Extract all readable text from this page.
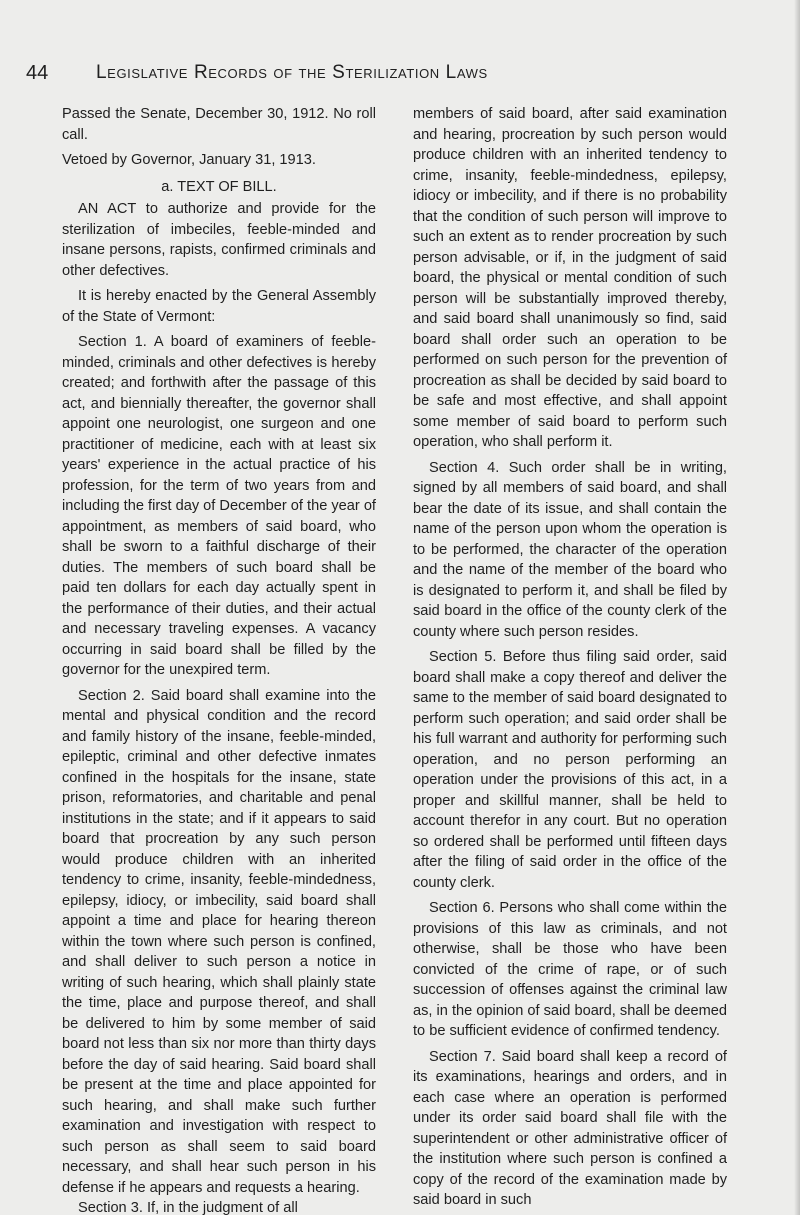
44	Legislative Records of the Sterilization Laws

Passed the Senate, December 30, 1912. No roll call.

Vetoed by Governor, January 31, 1913.

a. TEXT OF BILL.

AN ACT to authorize and provide for the sterilization of imbeciles, feeble-minded and insane persons, rapists, confirmed criminals and other defectives.

It is hereby enacted by the General Assembly of the State of Vermont:

Section 1. A board of examiners of feeble-minded, criminals and other defectives is hereby created; and forthwith after the passage of this act, and biennially thereafter, the governor shall appoint one neurologist, one surgeon and one practitioner of medicine, each with at least six years' experience in the actual practice of his profession, for the term of two years from and including the first day of December of the year of appointment, as members of said board, who shall be sworn to a faithful discharge of their duties. The members of such board shall be paid ten dollars for each day actually spent in the performance of their duties, and their actual and necessary traveling expenses. A vacancy occurring in said board shall be filled by the governor for the unexpired term.

Section 2. Said board shall examine into the mental and physical condition and the record and family history of the insane, feeble-minded, epileptic, criminal and other defective inmates confined in the hospitals for the insane, state prison, reformatories, and charitable and penal institutions in the state; and if it appears to said board that procreation by any such person would produce children with an inherited tendency to crime, insanity, feeble-mindedness, epilepsy, idiocy, or imbecility, said board shall appoint a time and place for hearing thereon within the town where such person is confined, and shall deliver to such person a notice in writing of such hearing, which shall plainly state the time, place and purpose thereof, and shall be delivered to him by some member of said board not less than six nor more than thirty days before the day of said hearing. Said board shall be present at the time and place appointed for such hearing, and shall make such further examination and investigation with respect to such person as shall seem to said board necessary, and shall hear such person in his defense if he appears and requests a hearing.

Section 3. If, in the judgment of all

members of said board, after said examination and hearing, procreation by such person would produce children with an inherited tendency to crime, insanity, feeble-mindedness, epilepsy, idiocy or imbecility, and if there is no probability that the condition of such person will improve to such an extent as to render procreation by such person advisable, or if, in the judgment of said board, the physical or mental condition of such person will be substantially improved thereby, and said board shall unanimously so find, said board shall order such an operation to be performed on such person for the prevention of procreation as shall be decided by said board to be safe and most effective, and shall appoint some member of said board to perform such operation, who shall perform it.

Section 4. Such order shall be in writing, signed by all members of said board, and shall bear the date of its issue, and shall contain the name of the person upon whom the operation is to be performed, the character of the operation and the name of the member of the board who is designated to perform it, and shall be filed by said board in the office of the county clerk of the county where such person resides.

Section 5. Before thus filing said order, said board shall make a copy thereof and deliver the same to the member of said board designated to perform such operation; and said order shall be his full warrant and authority for performing such operation, and no person performing an operation under the provisions of this act, in a proper and skillful manner, shall be held to account therefor in any court. But no operation so ordered shall be performed until fifteen days after the filing of said order in the office of the county clerk.

Section 6. Persons who shall come within the provisions of this law as criminals, and not otherwise, shall be those who have been convicted of the crime of rape, or of such succession of offenses against the criminal law as, in the opinion of said board, shall be deemed to be sufficient evidence of confirmed tendency.

Section 7. Said board shall keep a record of its examinations, hearings and orders, and in each case where an operation is performed under its order said board shall file with the superintendent or other administrative officer of the institution where such person is confined a copy of the record of the examination made by said board in such
